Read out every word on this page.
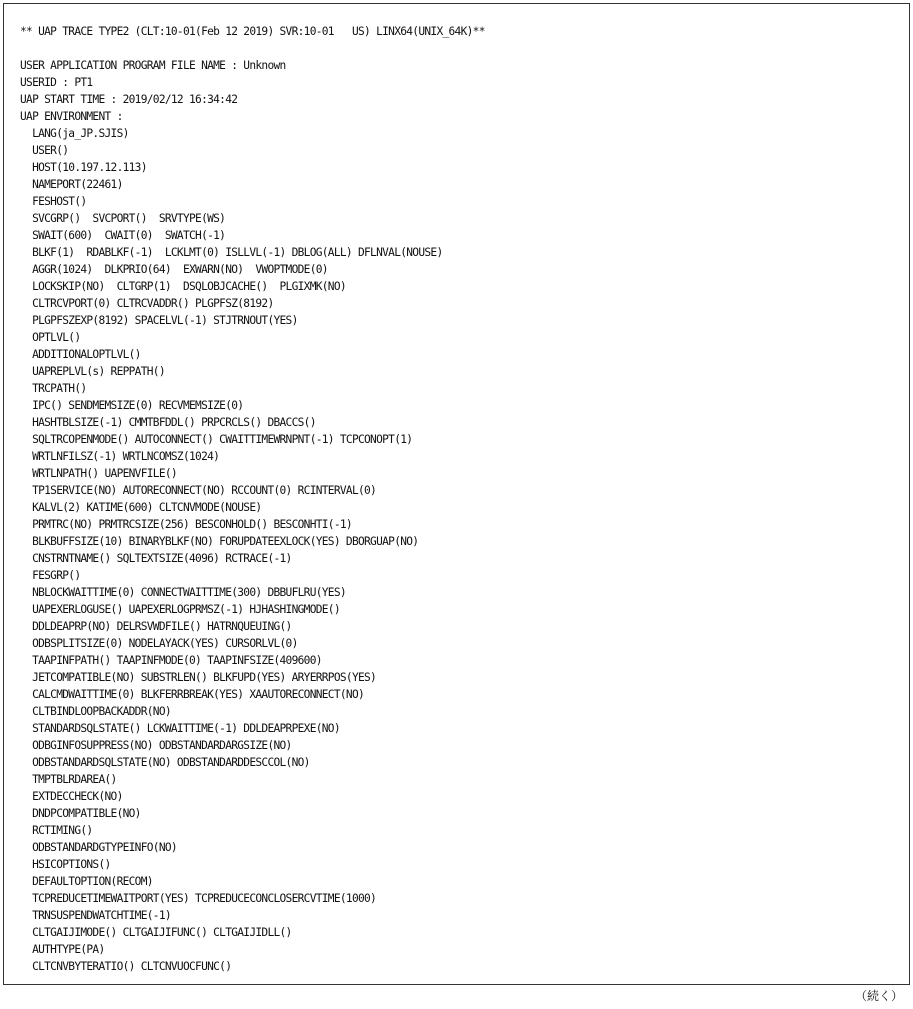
** UAP TRACE TYPE2 (CLT:10-01(Feb 12 2019) SVR:10-01   US) LINX64(UNIX_64K)**
USER APPLICATION PROGRAM FILE NAME : Unknown
USERID : PT1
UAP START TIME : 2019/02/12 16:34:42
UAP ENVIRONMENT :
LANG(ja_JP.SJIS)
USER()
HOST(10.197.12.113)
NAMEPORT(22461)
FESHOST()
SVCGRP()  SVCPORT()  SRVTYPE(WS)
SWAIT(600)  CWAIT(0)  SWATCH(-1)
BLKF(1)  RDABLKF(-1)  LCKLMT(0) ISLLVL(-1) DBLOG(ALL) DFLNVAL(NOUSE)
AGGR(1024)  DLKPRIO(64)  EXWARN(NO)  VWOPTMODE(0)
LOCKSKIP(NO)  CLTGRP(1)  DSQLOBJCACHE()  PLGIXMK(NO)
CLTRCVPORT(0) CLTRCVADDR() PLGPFSZ(8192)
PLGPFSZEXP(8192) SPACELVL(-1) STJTRNOUT(YES)
OPTLVL()
ADDITIONALOPTLVL()
UAPREPLVL(s) REPPATH()
TRCPATH()
IPC() SENDMEMSIZE(0) RECVMEMSIZE(0)
HASHTBLSIZE(-1) CMMTBFDDL() PRPCRCLS() DBACCS()
SQLTRCOPENMODE() AUTOCONNECT() CWAITTIMEWRNPNT(-1) TCPCONOPT(1)
WRTLNFILSZ(-1) WRTLNCOMSZ(1024)
WRTLNPATH() UAPENVFILE()
TP1SERVICE(NO) AUTORECONNECT(NO) RCCOUNT(0) RCINTERVAL(0)
KALVL(2) KATIME(600) CLTCNVMODE(NOUSE)
PRMTRC(NO) PRMTRCSIZE(256) BESCONHOLD() BESCONHTI(-1)
BLKBUFFSIZE(10) BINARYBLKF(NO) FORUPDATEEXLOCK(YES) DBORGUAP(NO)
CNSTRNTNAME() SQLTEXTSIZE(4096) RCTRACE(-1)
FESGRP()
NBLOCKWAITTIME(0) CONNECTWAITTIME(300) DBBUFLRU(YES)
UAPEXERLOGUSE() UAPEXERLOGPRMSZ(-1) HJHASHINGMODE()
DDLDEAPRP(NO) DELRSVWDFILE() HATRNQUEUING()
ODBSPLITSIZE(0) NODELAYACK(YES) CURSORLVL(0)
TAAPINFPATH() TAAPINFMODE(0) TAAPINFSIZE(409600)
JETCOMPATIBLE(NO) SUBSTRLEN() BLKFUPD(YES) ARYERRPOS(YES)
CALCMDWAITTIME(0) BLKFERRBREAK(YES) XAAUTORECONNECT(NO)
CLTBINDLOOPBACKADDR(NO)
STANDARDSQLSTATE() LCKWAITTIME(-1) DDLDEAPRPEXE(NO)
ODBGINFOSUPPRESS(NO) ODBSTANDARDARGSIZE(NO)
ODBSTANDARDSQLSTATE(NO) ODBSTANDARDDESCCOL(NO)
TMPTBLRDAREA()
EXTDECCHECK(NO)
DNDPCOMPATIBLE(NO)
RCTIMING()
ODBSTANDARDGTYPEINFO(NO)
HSICOPTIONS()
DEFAULTOPTION(RECOM)
TCPREDUCETIMEWAITPORT(YES) TCPREDUCECONCLOSERCVTIME(1000)
TRNSUSPENDWATCHTIME(-1)
CLTGAIJIMODE() CLTGAIJIFUNC() CLTGAIJIDLL()
AUTHTYPE(PA)
CLTCNVBYTERATIO() CLTCNVUOCFUNC()
（続く）
